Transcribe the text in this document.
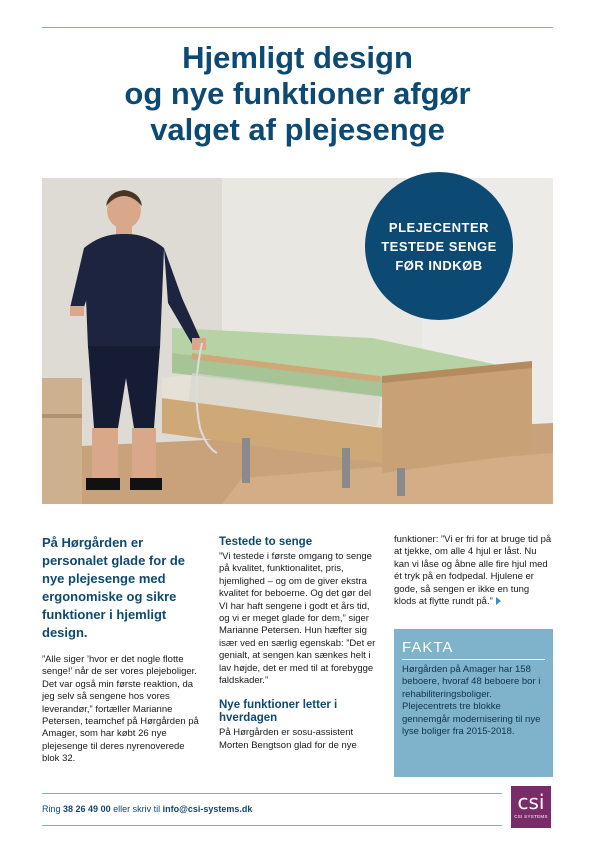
Hjemligt design
og nye funktioner afgør
valget af plejesenge
PLEJECENTER
TESTEDE SENGE
FØR INDKØB

På Hørgården er personalet glade for de nye plejesenge med ergonomiske og sikre funktioner i hjemligt design.

”Alle siger ’hvor er det nogle flotte senge!’ når de ser vores plejeboliger. Det var også min første reaktion, da jeg selv så sengene hos vores leverandør,” fortæller Marianne Petersen, teamchef på Hørgården på Amager, som har købt 26 nye plejesenge til deres nyrenoverede blok 32.

Testede to senge

”Vi testede i første omgang to senge på kvalitet, funktionalitet, pris, hjemlighed – og om de giver ekstra kvalitet for beboerne. Og det gør del VI har haft sengene i godt et års tid, og vi er meget glade for dem,” siger Marianne Petersen. Hun hæfter sig især ved en særlig egenskab: ”Det er genialt, at sengen kan sænkes helt i lav højde, det er med til at forebygge faldskader.”

Nye funktioner letter i hverdagen

På Hørgården er sosu-assistent Morten Bengtson glad for de nye

funktioner: ”Vi er fri for at bruge tid på at tjekke, om alle 4 hjul er låst. Nu kan vi låse og åbne alle fire hjul med ét tryk på en fodpedal. Hjulene er gode, så sengen er ikke en tung klods at flytte rundt på.”

FAKTA
Hørgården på Amager har 158 beboere, hvoraf 48 beboere bor i rehabiliteringsboliger. Plejecentrets tre blokke gennemgår modernisering til nye lyse boliger fra 2015-2018.
Ring 38 26 49 00 eller skriv til info@csi-systems.dk	csi
CSI SYSTEMS
